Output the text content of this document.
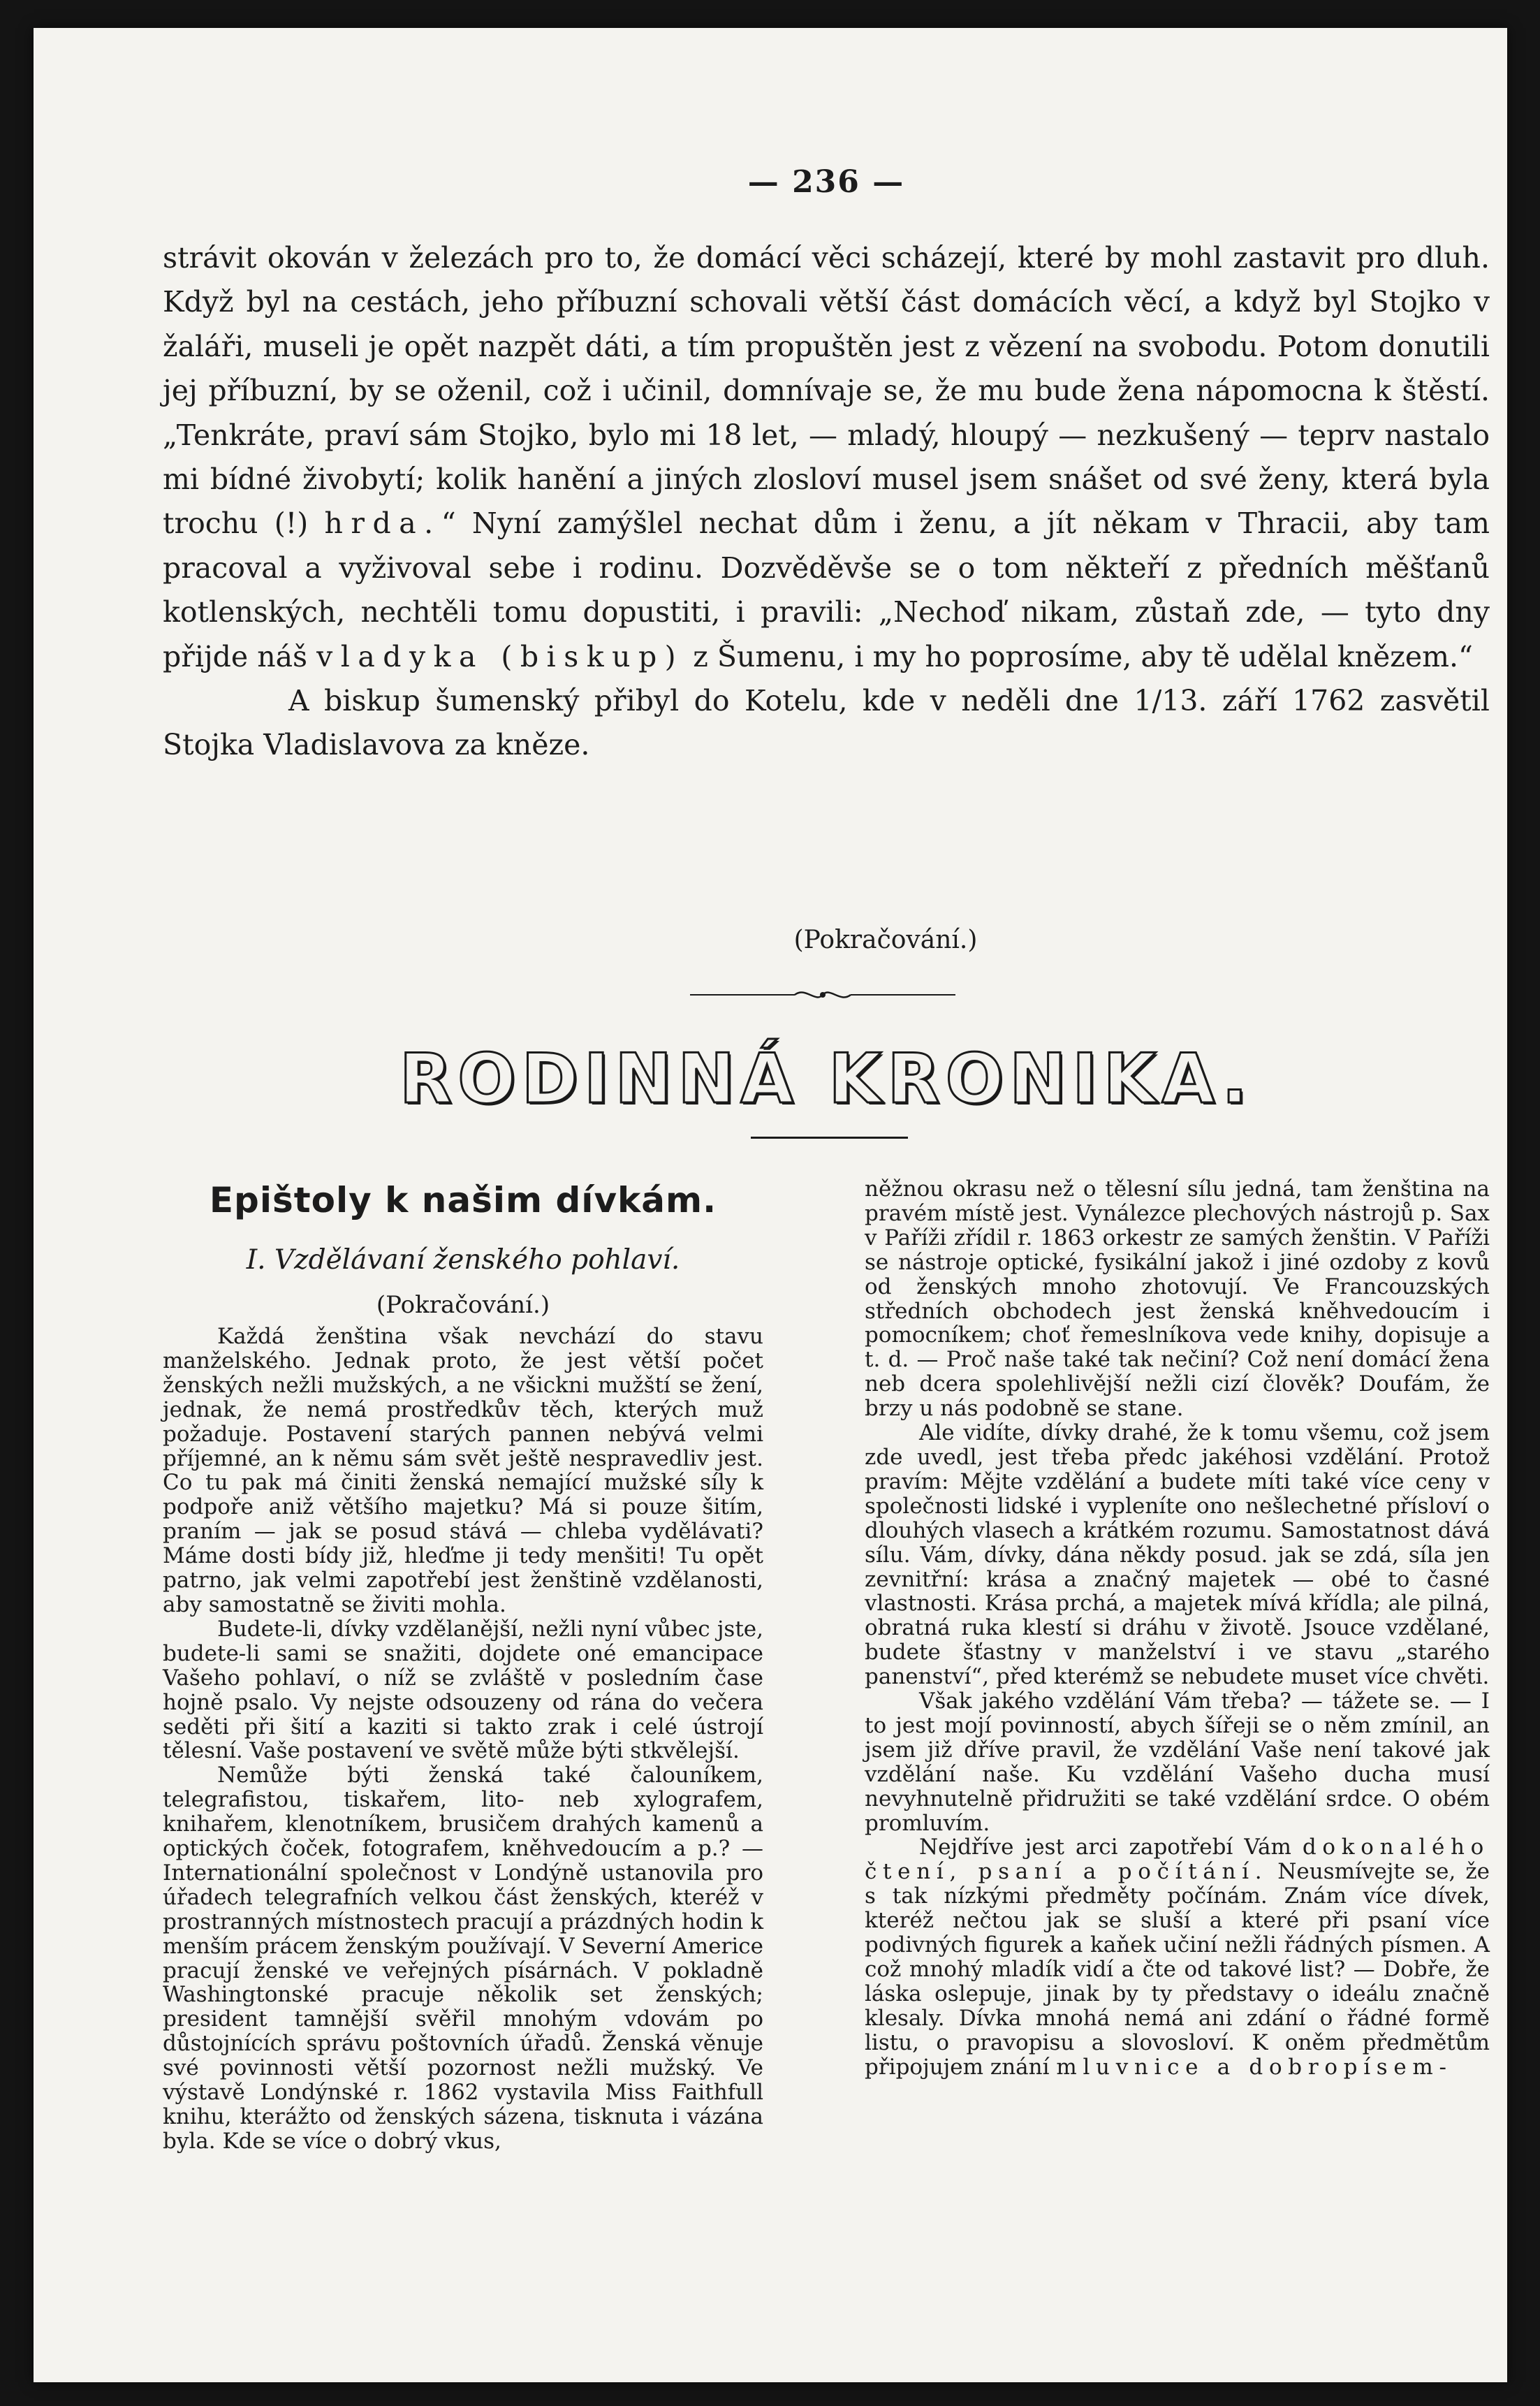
— 236 —

strávit okován v železách pro to, že domácí věci scházejí, které by mohl zastavit pro dluh. Když byl na cestách, jeho příbuzní schovali větší část domácích věcí, a když byl Stojko v žaláři, museli je opět nazpět dáti, a tím propuštěn jest z vězení na svobodu. Potom donutili jej příbuzní, by se oženil, což i učinil, domnívaje se, že mu bude žena nápomocna k štěstí. „Tenkráte, praví sám Stojko, bylo mi 18 let, — mladý, hloupý — nezkušený — teprv nastalo mi bídné živobytí; kolik hanění a jiných zlosloví musel jsem snášet od své ženy, která byla trochu (!) hrda.“ Nyní zamýšlel nechat dům i ženu, a jít někam v Thracii, aby tam pracoval a vyživoval sebe i rodinu. Dozvěděvše se o tom někteří z předních měšťanů kotlenských, nechtěli tomu dopustiti, i pravili: „Nechoď nikam, zůstaň zde, — tyto dny přijde náš vladyka (biskup) z Šumenu, i my ho poprosíme, aby tě udělal knězem.“

A biskup šumenský přibyl do Kotelu, kde v neděli dne 1/13. září 1762 zasvětil Stojka Vladislavova za kněze.

(Pokračování.)
RODINNÁ KRONIKA.

Epištoly k našim dívkám.

I. Vzdělávaní ženského pohlaví.

(Pokračování.)

Každá ženština však nevchází do stavu manželského. Jednak proto, že jest větší počet ženských nežli mužských, a ne všickni mužští se žení, jednak, že nemá prostředkův těch, kterých muž požaduje. Postavení starých pannen nebývá velmi příjemné, an k němu sám svět ještě nespravedliv jest. Co tu pak má činiti ženská nemající mužské síly k podpoře aniž většího majetku? Má si pouze šitím, praním — jak se posud stává — chleba vydělávati? Máme dosti bídy již, hleďme ji tedy menšiti! Tu opět patrno, jak velmi zapotřebí jest ženštině vzdělanosti, aby samostatně se živiti mohla.

Budete-li, dívky vzdělanější, nežli nyní vůbec jste, budete-li sami se snažiti, dojdete oné emancipace Vašeho pohlaví, o níž se zvláště v posledním čase hojně psalo. Vy nejste odsouzeny od rána do večera seděti při šití a kaziti si takto zrak i celé ústrojí tělesní. Vaše postavení ve světě může býti stkvělejší.

Nemůže býti ženská také čalouníkem, telegrafistou, tiskařem, lito- neb xylografem, knihařem, klenotníkem, brusičem drahých kamenů a optických čoček, fotografem, kněhvedoucím a p.? — Internationální společnost v Londýně ustanovila pro úřadech telegrafních velkou část ženských, kteréž v prostranných místnostech pracují a prázdných hodin k menším prácem ženským používají. V Severní Americe pracují ženské ve veřejných písárnách. V pokladně Washingtonské pracuje několik set ženských; president tamnější svěřil mnohým vdovám po důstojnících správu poštovních úřadů. Ženská věnuje své povinnosti větší pozornost nežli mužský. Ve výstavě Londýnské r. 1862 vystavila Miss Faithfull knihu, kterážto od ženských sázena, tisknuta i vázána byla. Kde se více o dobrý vkus,

něžnou okrasu než o tělesní sílu jedná, tam ženština na pravém místě jest. Vynálezce plechových nástrojů p. Sax v Paříži zřídil r. 1863 orkestr ze samých ženštin. V Paříži se nástroje optické, fysikální jakož i jiné ozdoby z kovů od ženských mnoho zhotovují. Ve Francouzských středních obchodech jest ženská kněhvedoucím i pomocníkem; choť řemeslníkova vede knihy, dopisuje a t. d. — Proč naše také tak nečiní? Což není domácí žena neb dcera spolehlivější nežli cizí člověk? Doufám, že brzy u nás podobně se stane.

Ale vidíte, dívky drahé, že k tomu všemu, což jsem zde uvedl, jest třeba předc jakéhosi vzdělání. Protož pravím: Mějte vzdělání a budete míti také více ceny v společnosti lidské i vypleníte ono nešlechetné přísloví o dlouhých vlasech a krátkém rozumu. Samostatnost dává sílu. Vám, dívky, dána někdy posud. jak se zdá, síla jen zevnitřní: krása a značný majetek — obé to časné vlastnosti. Krása prchá, a majetek mívá křídla; ale pilná, obratná ruka klestí si dráhu v životě. Jsouce vzdělané, budete šťastny v manželství i ve stavu „starého panenství“, před kterémž se nebudete muset více chvěti.

Však jakého vzdělání Vám třeba? — tážete se. — I to jest mojí povinností, abych šířeji se o něm zmínil, an jsem již dříve pravil, že vzdělání Vaše není takové jak vzdělání naše. Ku vzdělání Vašeho ducha musí nevyhnutelně přidružiti se také vzdělání srdce. O obém promluvím.

Nejdříve jest arci zapotřebí Vám dokonalého čtení, psaní a počítání. Neusmívejte se, že s tak nízkými předměty počínám. Znám více dívek, kteréž nečtou jak se sluší a které při psaní více podivných figurek a kaňek učiní nežli řádných písmen. A což mnohý mladík vidí a čte od takové list? — Dobře, že láska oslepuje, jinak by ty představy o ideálu značně klesaly. Dívka mnohá nemá ani zdání o řádné formě listu, o pravopisu a slovosloví. K oněm předmětům připojujem znání mluvnice a dobropísem-
